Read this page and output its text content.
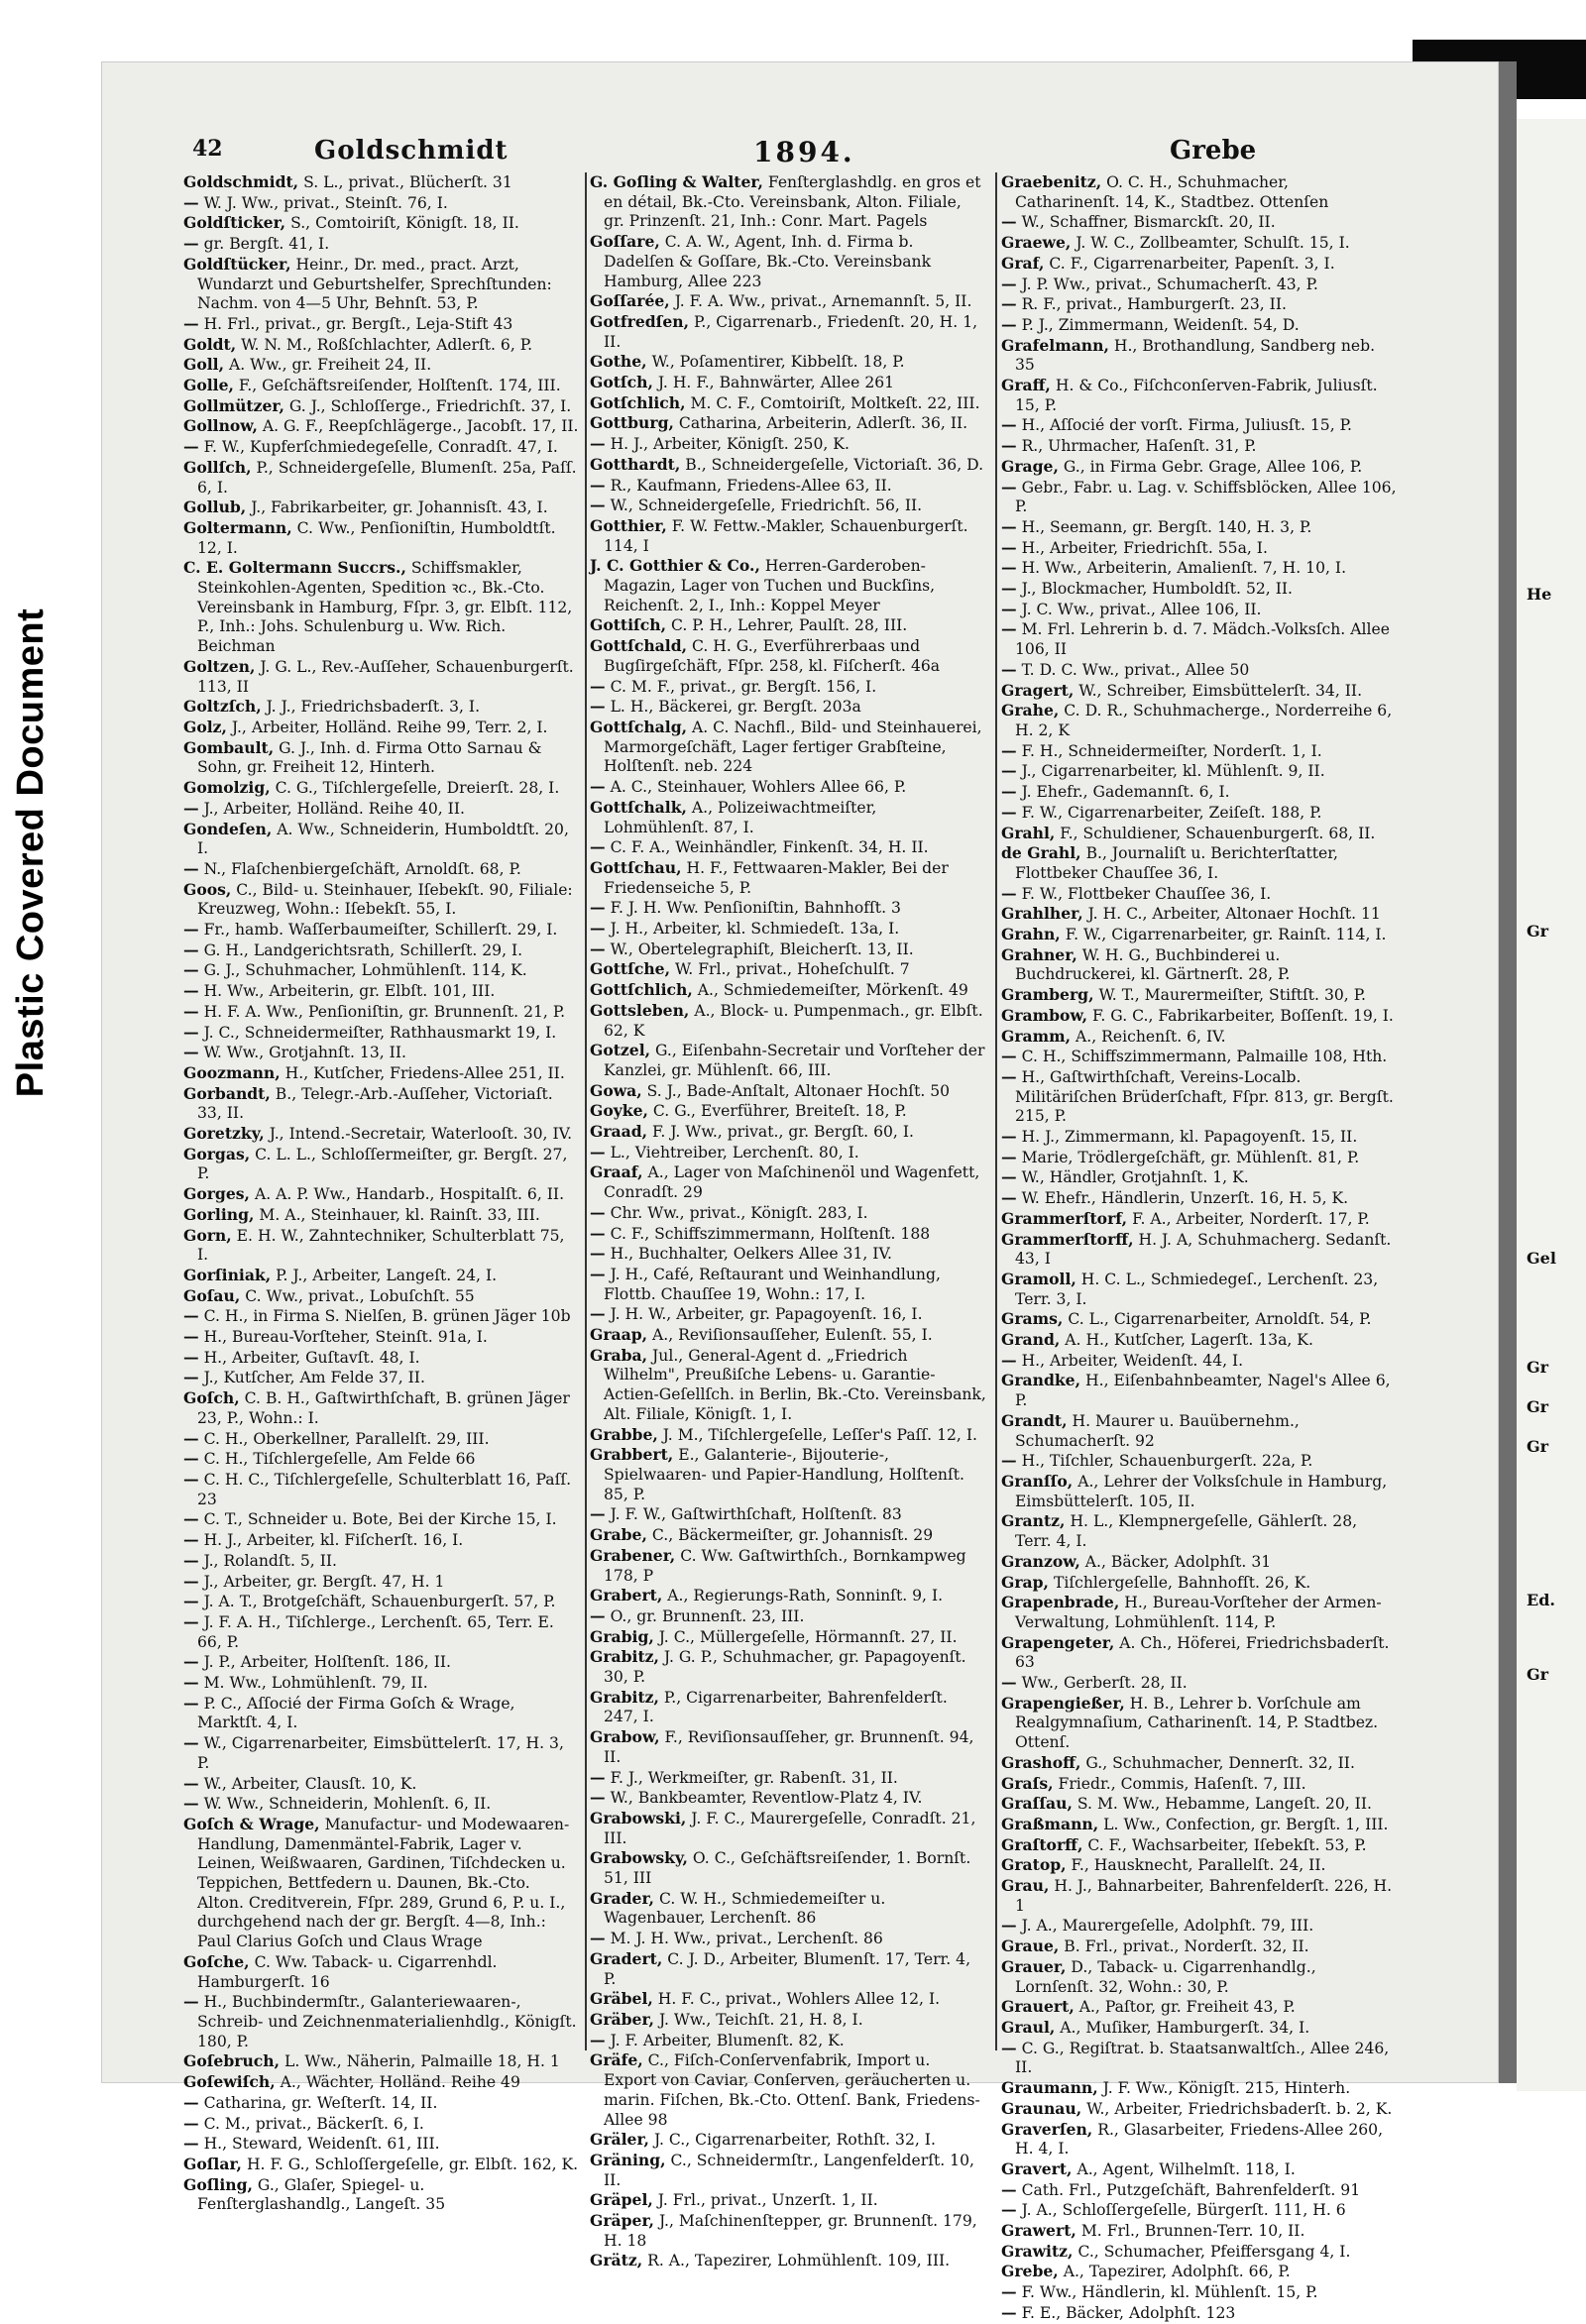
Plastic Covered Document
42	Goldschmidt	1894.	Grebe

Goldschmidt, S. L., privat., Blücherſt. 31

— W. J. Ww., privat., Steinſt. 76, I.

Goldſticker, S., Comtoiriſt, Königſt. 18, II.

— gr. Bergſt. 41, I.

Goldſtücker, Heinr., Dr. med., pract. Arzt, Wundarzt und Geburtshelfer, Sprechſtunden: Nachm. von 4—5 Uhr, Behnſt. 53, P.

— H. Frl., privat., gr. Bergſt., Leja-Stift 43

Goldt, W. N. M., Roßſchlachter, Adlerſt. 6, P.

Goll, A. Ww., gr. Freiheit 24, II.

Golle, F., Geſchäftsreiſender, Holſtenſt. 174, III.

Gollmützer, G. J., Schloſſerge., Friedrichſt. 37, I.

Gollnow, A. G. F., Reepſchlägerge., Jacobſt. 17, II.

— F. W., Kupferſchmiedegeſelle, Conradſt. 47, I.

Gollſch, P., Schneidergeſelle, Blumenſt. 25a, Paſſ. 6, I.

Gollub, J., Fabrikarbeiter, gr. Johannisſt. 43, I.

Goltermann, C. Ww., Penſioniſtin, Humboldtſt. 12, I.

C. E. Goltermann Succrs., Schiffsmakler, Steinkohlen-Agenten, Spedition ꝛc., Bk.-Cto. Vereinsbank in Hamburg, Fſpr. 3, gr. Elbſt. 112, P., Inh.: Johs. Schulenburg u. Ww. Rich. Beichman

Goltzen, J. G. L., Rev.-Auſſeher, Schauenburgerſt. 113, II

Goltzſch, J. J., Friedrichsbaderſt. 3, I.

Golz, J., Arbeiter, Holländ. Reihe 99, Terr. 2, I.

Gombault, G. J., Inh. d. Firma Otto Sarnau & Sohn, gr. Freiheit 12, Hinterh.

Gomolzig, C. G., Tiſchlergeſelle, Dreierſt. 28, I.

— J., Arbeiter, Holländ. Reihe 40, II.

Gondeſen, A. Ww., Schneiderin, Humboldtſt. 20, I.

— N., Flaſchenbiergeſchäft, Arnoldſt. 68, P.

Goos, C., Bild- u. Steinhauer, Iſebekſt. 90, Filiale: Kreuzweg, Wohn.: Iſebekſt. 55, I.

— Fr., hamb. Waſſerbaumeiſter, Schillerſt. 29, I.

— G. H., Landgerichtsrath, Schillerſt. 29, I.

— G. J., Schuhmacher, Lohmühlenſt. 114, K.

— H. Ww., Arbeiterin, gr. Elbſt. 101, III.

— H. F. A. Ww., Penſioniſtin, gr. Brunnenſt. 21, P.

— J. C., Schneidermeiſter, Rathhausmarkt 19, I.

— W. Ww., Grotjahnſt. 13, II.

Goozmann, H., Kutſcher, Friedens-Allee 251, II.

Gorbandt, B., Telegr.-Arb.-Auſſeher, Victoriaſt. 33, II.

Goretzky, J., Intend.-Secretair, Waterlooſt. 30, IV.

Gorgas, C. L. L., Schloſſermeiſter, gr. Bergſt. 27, P.

Gorges, A. A. P. Ww., Handarb., Hospitalſt. 6, II.

Gorling, M. A., Steinhauer, kl. Rainſt. 33, III.

Gorn, E. H. W., Zahntechniker, Schulterblatt 75, I.

Gorſiniak, P. J., Arbeiter, Langeſt. 24, I.

Goſau, C. Ww., privat., Lobuſchſt. 55

— C. H., in Firma S. Nielſen, B. grünen Jäger 10b

— H., Bureau-Vorſteher, Steinſt. 91a, I.

— H., Arbeiter, Guſtavſt. 48, I.

— J., Kutſcher, Am Felde 37, II.

Goſch, C. B. H., Gaſtwirthſchaft, B. grünen Jäger 23, P., Wohn.: I.

— C. H., Oberkellner, Parallelſt. 29, III.

— C. H., Tiſchlergeſelle, Am Felde 66

— C. H. C., Tiſchlergeſelle, Schulterblatt 16, Paſſ. 23

— C. T., Schneider u. Bote, Bei der Kirche 15, I.

— H. J., Arbeiter, kl. Fiſcherſt. 16, I.

— J., Rolandſt. 5, II.

— J., Arbeiter, gr. Bergſt. 47, H. 1

— J. A. T., Brotgeſchäft, Schauenburgerſt. 57, P.

— J. F. A. H., Tiſchlerge., Lerchenſt. 65, Terr. E. 66, P.

— J. P., Arbeiter, Holſtenſt. 186, II.

— M. Ww., Lohmühlenſt. 79, II.

— P. C., Aſſocié der Firma Goſch & Wrage, Marktſt. 4, I.

— W., Cigarrenarbeiter, Eimsbüttelerſt. 17, H. 3, P.

— W., Arbeiter, Clausſt. 10, K.

— W. Ww., Schneiderin, Mohlenſt. 6, II.

Goſch & Wrage, Manufactur- und Modewaaren-Handlung, Damenmäntel-Fabrik, Lager v. Leinen, Weißwaaren, Gardinen, Tiſchdecken u. Teppichen, Bettfedern u. Daunen, Bk.-Cto. Alton. Creditverein, Fſpr. 289, Grund 6, P. u. I., durchgehend nach der gr. Bergſt. 4—8, Inh.: Paul Clarius Goſch und Claus Wrage

Goſche, C. Ww. Taback- u. Cigarrenhdl. Hamburgerſt. 16

— H., Buchbindermſtr., Galanteriewaaren-, Schreib- und Zeichnenmaterialienhdlg., Königſt. 180, P.

Goſebruch, L. Ww., Näherin, Palmaille 18, H. 1

Goſewiſch, A., Wächter, Holländ. Reihe 49

— Catharina, gr. Weſterſt. 14, II.

— C. M., privat., Bäckerſt. 6, I.

— H., Steward, Weidenſt. 61, III.

Goſlar, H. F. G., Schloſſergeſelle, gr. Elbſt. 162, K.

Goſling, G., Glaſer, Spiegel- u. Fenſterglashandlg., Langeſt. 35

G. Goſling & Walter, Fenſterglashdlg. en gros et en détail, Bk.-Cto. Vereinsbank, Alton. Filiale, gr. Prinzenſt. 21, Inh.: Conr. Mart. Pagels

Goſſare, C. A. W., Agent, Inh. d. Firma b. Dadelſen & Goſſare, Bk.-Cto. Vereinsbank Hamburg, Allee 223

Goſſarée, J. F. A. Ww., privat., Arnemannſt. 5, II.

Gotfredſen, P., Cigarrenarb., Friedenſt. 20, H. 1, II.

Gothe, W., Poſamentirer, Kibbelſt. 18, P.

Gotſch, J. H. F., Bahnwärter, Allee 261

Gotſchlich, M. C. F., Comtoiriſt, Moltkeſt. 22, III.

Gottburg, Catharina, Arbeiterin, Adlerſt. 36, II.

— H. J., Arbeiter, Königſt. 250, K.

Gotthardt, B., Schneidergeſelle, Victoriaſt. 36, D.

— R., Kaufmann, Friedens-Allee 63, II.

— W., Schneidergeſelle, Friedrichſt. 56, II.

Gotthier, F. W. Fettw.-Makler, Schauenburgerſt. 114, I

J. C. Gotthier & Co., Herren-Garderoben-Magazin, Lager von Tuchen und Buckſins, Reichenſt. 2, I., Inh.: Koppel Meyer

Gottiſch, C. P. H., Lehrer, Paulſt. 28, III.

Gottſchald, C. H. G., Everführerbaas und Bugſirgeſchäft, Fſpr. 258, kl. Fiſcherſt. 46a

— C. M. F., privat., gr. Bergſt. 156, I.

— L. H., Bäckerei, gr. Bergſt. 203a

Gottſchalg, A. C. Nachfl., Bild- und Steinhauerei, Marmorgeſchäft, Lager fertiger Grabſteine, Holſtenſt. neb. 224

— A. C., Steinhauer, Wohlers Allee 66, P.

Gottſchalk, A., Polizeiwachtmeiſter, Lohmühlenſt. 87, I.

— C. F. A., Weinhändler, Finkenſt. 34, H. II.

Gottſchau, H. F., Fettwaaren-Makler, Bei der Friedenseiche 5, P.

— F. J. H. Ww. Penſioniſtin, Bahnhofſt. 3

— J. H., Arbeiter, kl. Schmiedeſt. 13a, I.

— W., Obertelegraphiſt, Bleicherſt. 13, II.

Gottſche, W. Frl., privat., Hoheſchulſt. 7

Gottſchlich, A., Schmiedemeiſter, Mörkenſt. 49

Gottsleben, A., Block- u. Pumpenmach., gr. Elbſt. 62, K

Gotzel, G., Eiſenbahn-Secretair und Vorſteher der Kanzlei, gr. Mühlenſt. 66, III.

Gowa, S. J., Bade-Anſtalt, Altonaer Hochſt. 50

Goyke, C. G., Everführer, Breiteſt. 18, P.

Graad, F. J. Ww., privat., gr. Bergſt. 60, I.

— L., Viehtreiber, Lerchenſt. 80, I.

Graaf, A., Lager von Maſchinenöl und Wagenfett, Conradſt. 29

— Chr. Ww., privat., Königſt. 283, I.

— C. F., Schiffszimmermann, Holſtenſt. 188

— H., Buchhalter, Oelkers Allee 31, IV.

— J. H., Café, Reſtaurant und Weinhandlung, Flottb. Chauſſee 19, Wohn.: 17, I.

— J. H. W., Arbeiter, gr. Papagoyenſt. 16, I.

Graap, A., Reviſionsauſſeher, Eulenſt. 55, I.

Graba, Jul., General-Agent d. „Friedrich Wilhelm", Preußiſche Lebens- u. Garantie-Actien-Geſellſch. in Berlin, Bk.-Cto. Vereinsbank, Alt. Filiale, Königſt. 1, I.

Grabbe, J. M., Tiſchlergeſelle, Leſſer's Paſſ. 12, I.

Grabbert, E., Galanterie-, Bijouterie-, Spielwaaren- und Papier-Handlung, Holſtenſt. 85, P.

— J. F. W., Gaſtwirthſchaft, Holſtenſt. 83

Grabe, C., Bäckermeiſter, gr. Johannisſt. 29

Grabener, C. Ww. Gaſtwirthſch., Bornkampweg 178, P

Grabert, A., Regierungs-Rath, Sonninſt. 9, I.

— O., gr. Brunnenſt. 23, III.

Grabig, J. C., Müllergeſelle, Hörmannſt. 27, II.

Grabitz, J. G. P., Schuhmacher, gr. Papagoyenſt. 30, P.

Grabitz, P., Cigarrenarbeiter, Bahrenfelderſt. 247, I.

Grabow, F., Reviſionsauſſeher, gr. Brunnenſt. 94, II.

— F. J., Werkmeiſter, gr. Rabenſt. 31, II.

— W., Bankbeamter, Reventlow-Platz 4, IV.

Grabowski, J. F. C., Maurergeſelle, Conradſt. 21, III.

Grabowsky, O. C., Geſchäftsreiſender, 1. Bornſt. 51, III

Grader, C. W. H., Schmiedemeiſter u. Wagenbauer, Lerchenſt. 86

— M. J. H. Ww., privat., Lerchenſt. 86

Gradert, C. J. D., Arbeiter, Blumenſt. 17, Terr. 4, P.

Gräbel, H. F. C., privat., Wohlers Allee 12, I.

Gräber, J. Ww., Teichſt. 21, H. 8, I.

— J. F. Arbeiter, Blumenſt. 82, K.

Gräfe, C., Fiſch-Conſervenfabrik, Import u. Export von Caviar, Conſerven, geräucherten u. marin. Fiſchen, Bk.-Cto. Ottenſ. Bank, Friedens-Allee 98

Gräler, J. C., Cigarrenarbeiter, Rothſt. 32, I.

Gräning, C., Schneidermſtr., Langenfelderſt. 10, II.

Gräpel, J. Frl., privat., Unzerſt. 1, II.

Gräper, J., Maſchinenſtepper, gr. Brunnenſt. 179, H. 18

Grätz, R. A., Tapezirer, Lohmühlenſt. 109, III.

Graebenitz, O. C. H., Schuhmacher, Catharinenſt. 14, K., Stadtbez. Ottenſen

— W., Schaffner, Bismarckſt. 20, II.

Graewe, J. W. C., Zollbeamter, Schulſt. 15, I.

Graf, C. F., Cigarrenarbeiter, Papenſt. 3, I.

— J. P. Ww., privat., Schumacherſt. 43, P.

— R. F., privat., Hamburgerſt. 23, II.

— P. J., Zimmermann, Weidenſt. 54, D.

Grafelmann, H., Brothandlung, Sandberg neb. 35

Graff, H. & Co., Fiſchconſerven-Fabrik, Juliusſt. 15, P.

— H., Aſſocié der vorſt. Firma, Juliusſt. 15, P.

— R., Uhrmacher, Haſenſt. 31, P.

Grage, G., in Firma Gebr. Grage, Allee 106, P.

— Gebr., Fabr. u. Lag. v. Schiffsblöcken, Allee 106, P.

— H., Seemann, gr. Bergſt. 140, H. 3, P.

— H., Arbeiter, Friedrichſt. 55a, I.

— H. Ww., Arbeiterin, Amalienſt. 7, H. 10, I.

— J., Blockmacher, Humboldſt. 52, II.

— J. C. Ww., privat., Allee 106, II.

— M. Frl. Lehrerin b. d. 7. Mädch.-Volksſch. Allee 106, II

— T. D. C. Ww., privat., Allee 50

Gragert, W., Schreiber, Eimsbüttelerſt. 34, II.

Grahe, C. D. R., Schuhmacherge., Norderreihe 6, H. 2, K

— F. H., Schneidermeiſter, Norderſt. 1, I.

— J., Cigarrenarbeiter, kl. Mühlenſt. 9, II.

— J. Ehefr., Gademannſt. 6, I.

— F. W., Cigarrenarbeiter, Zeiſeſt. 188, P.

Grahl, F., Schuldiener, Schauenburgerſt. 68, II.

de Grahl, B., Journaliſt u. Berichterſtatter, Flottbeker Chauſſee 36, I.

— F. W., Flottbeker Chauſſee 36, I.

Grahlher, J. H. C., Arbeiter, Altonaer Hochſt. 11

Grahn, F. W., Cigarrenarbeiter, gr. Rainſt. 114, I.

Grahner, W. H. G., Buchbinderei u. Buchdruckerei, kl. Gärtnerſt. 28, P.

Gramberg, W. T., Maurermeiſter, Stiftſt. 30, P.

Grambow, F. G. C., Fabrikarbeiter, Boſſenſt. 19, I.

Gramm, A., Reichenſt. 6, IV.

— C. H., Schiffszimmermann, Palmaille 108, Hth.

— H., Gaſtwirthſchaft, Vereins-Localb. Militäriſchen Brüderſchaft, Fſpr. 813, gr. Bergſt. 215, P.

— H. J., Zimmermann, kl. Papagoyenſt. 15, II.

— Marie, Trödlergeſchäft, gr. Mühlenſt. 81, P.

— W., Händler, Grotjahnſt. 1, K.

— W. Ehefr., Händlerin, Unzerſt. 16, H. 5, K.

Grammerſtorf, F. A., Arbeiter, Norderſt. 17, P.

Grammerſtorff, H. J. A, Schuhmacherg. Sedanſt. 43, I

Gramoll, H. C. L., Schmiedegeſ., Lerchenſt. 23, Terr. 3, I.

Grams, C. L., Cigarrenarbeiter, Arnoldſt. 54, P.

Grand, A. H., Kutſcher, Lagerſt. 13a, K.

— H., Arbeiter, Weidenſt. 44, I.

Grandke, H., Eiſenbahnbeamter, Nagel's Allee 6, P.

Grandt, H. Maurer u. Bauübernehm., Schumacherſt. 92

— H., Tiſchler, Schauenburgerſt. 22a, P.

Granſſo, A., Lehrer der Volksſchule in Hamburg, Eimsbüttelerſt. 105, II.

Grantz, H. L., Klempnergeſelle, Gählerſt. 28, Terr. 4, I.

Granzow, A., Bäcker, Adolphſt. 31

Grap, Tiſchlergeſelle, Bahnhofſt. 26, K.

Grapenbrade, H., Bureau-Vorſteher der Armen-Verwaltung, Lohmühlenſt. 114, P.

Grapengeter, A. Ch., Höferei, Friedrichsbaderſt. 63

— Ww., Gerberſt. 28, II.

Grapengießer, H. B., Lehrer b. Vorſchule am Realgymnaſium, Catharinenſt. 14, P. Stadtbez. Ottenſ.

Grashoff, G., Schuhmacher, Dennerſt. 32, II.

Graſs, Friedr., Commis, Haſenſt. 7, III.

Graſſau, S. M. Ww., Hebamme, Langeſt. 20, II.

Graßmann, L. Ww., Confection, gr. Bergſt. 1, III.

Graſtorff, C. F., Wachsarbeiter, Iſebekſt. 53, P.

Gratop, F., Hausknecht, Parallelſt. 24, II.

Grau, H. J., Bahnarbeiter, Bahrenfelderſt. 226, H. 1

— J. A., Maurergeſelle, Adolphſt. 79, III.

Graue, B. Frl., privat., Norderſt. 32, II.

Grauer, D., Taback- u. Cigarrenhandlg., Lornſenſt. 32, Wohn.: 30, P.

Grauert, A., Paſtor, gr. Freiheit 43, P.

Graul, A., Muſiker, Hamburgerſt. 34, I.

— C. G., Regiſtrat. b. Staatsanwaltſch., Allee 246, II.

Graumann, J. F. Ww., Königſt. 215, Hinterh.

Graunau, W., Arbeiter, Friedrichsbaderſt. b. 2, K.

Graverſen, R., Glasarbeiter, Friedens-Allee 260, H. 4, I.

Gravert, A., Agent, Wilhelmſt. 118, I.

— Cath. Frl., Putzgeſchäft, Bahrenfelderſt. 91

— J. A., Schloſſergeſelle, Bürgerſt. 111, H. 6

Grawert, M. Frl., Brunnen-Terr. 10, II.

Grawitz, C., Schumacher, Pfeiffersgang 4, I.

Grebe, A., Tapezirer, Adolphſt. 66, P.

— F. Ww., Händlerin, kl. Mühlenſt. 15, P.

— F. E., Bäcker, Adolphſt. 123

He
Gr
Gel
Gr
Gr
Gr
Ed.
Gr
